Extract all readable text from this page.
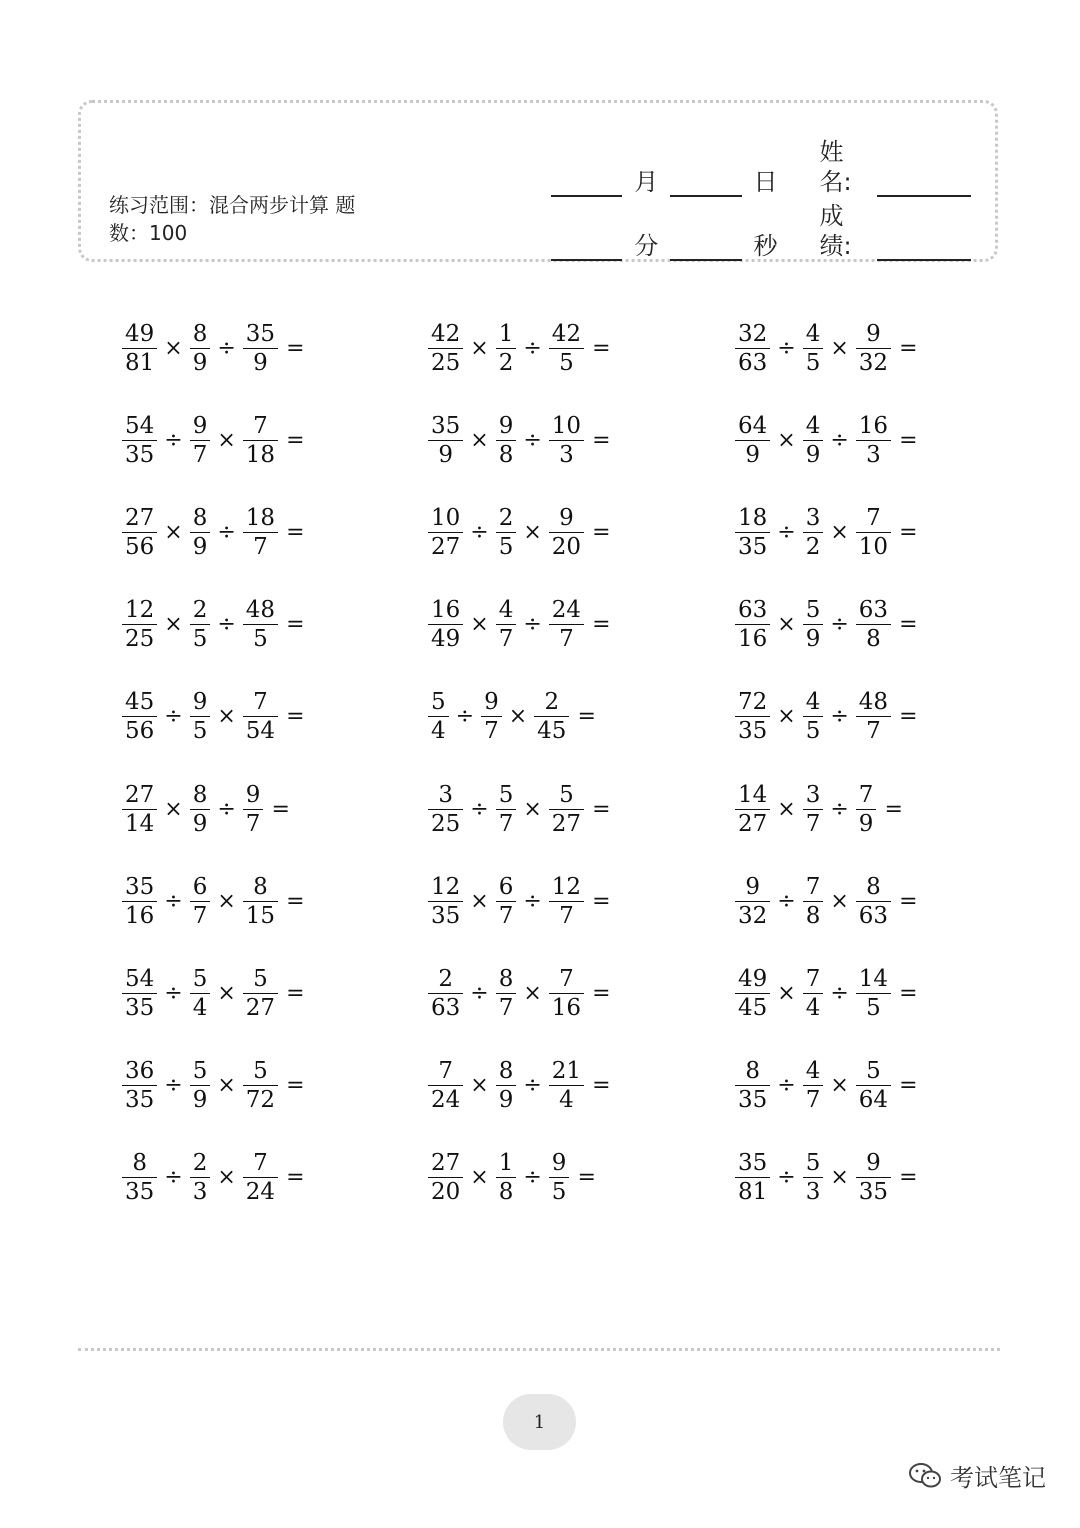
月	日
姓名:
分	秒
成绩:
练习范围：混合两步计算 题
数：100
$\frac{49}{81} \times \frac{8}{9} \div \frac{35}{9}$ =
$\frac{54}{35} \div \frac{9}{7} \times \frac{7}{18}$ =
$\frac{27}{56} \times \frac{8}{9} \div \frac{18}{7}$ =
$\frac{12}{25} \times \frac{2}{5} \div \frac{48}{5}$ =
$\frac{45}{56} \div \frac{9}{5} \times \frac{7}{54}$ =
$\frac{27}{14} \times \frac{8}{9} \div \frac{9}{7}$ =
$\frac{35}{16} \div \frac{6}{7} \times \frac{8}{15}$ =
$\frac{54}{35} \div \frac{5}{4} \times \frac{5}{27}$ =
$\frac{36}{35} \div \frac{5}{9} \times \frac{5}{72}$ =
$\frac{8}{35} \div \frac{2}{3} \times \frac{7}{24}$ =
$\frac{42}{25} \times \frac{1}{2} \div \frac{42}{5}$ =
$\frac{35}{9} \times \frac{9}{8} \div \frac{10}{3}$ =
$\frac{10}{27} \div \frac{2}{5} \times \frac{9}{20}$ =
$\frac{16}{49} \times \frac{4}{7} \div \frac{24}{7}$ =
$\frac{5}{4} \div \frac{9}{7} \times \frac{2}{45}$ =
$\frac{3}{25} \div \frac{5}{7} \times \frac{5}{27}$ =
$\frac{12}{35} \times \frac{6}{7} \div \frac{12}{7}$ =
$\frac{2}{63} \div \frac{8}{7} \times \frac{7}{16}$ =
$\frac{7}{24} \times \frac{8}{9} \div \frac{21}{4}$ =
$\frac{27}{20} \times \frac{1}{8} \div \frac{9}{5}$ =
$\frac{32}{63} \div \frac{4}{5} \times \frac{9}{32}$ =
$\frac{64}{9} \times \frac{4}{9} \div \frac{16}{3}$ =
$\frac{18}{35} \div \frac{3}{2} \times \frac{7}{10}$ =
$\frac{63}{16} \times \frac{5}{9} \div \frac{63}{8}$ =
$\frac{72}{35} \times \frac{4}{5} \div \frac{48}{7}$ =
$\frac{14}{27} \times \frac{3}{7} \div \frac{7}{9}$ =
$\frac{9}{32} \div \frac{7}{8} \times \frac{8}{63}$ =
$\frac{49}{45} \times \frac{7}{4} \div \frac{14}{5}$ =
$\frac{8}{35} \div \frac{4}{7} \times \frac{5}{64}$ =
$\frac{35}{81} \div \frac{5}{3} \times \frac{9}{35}$ =
1
考试笔记
